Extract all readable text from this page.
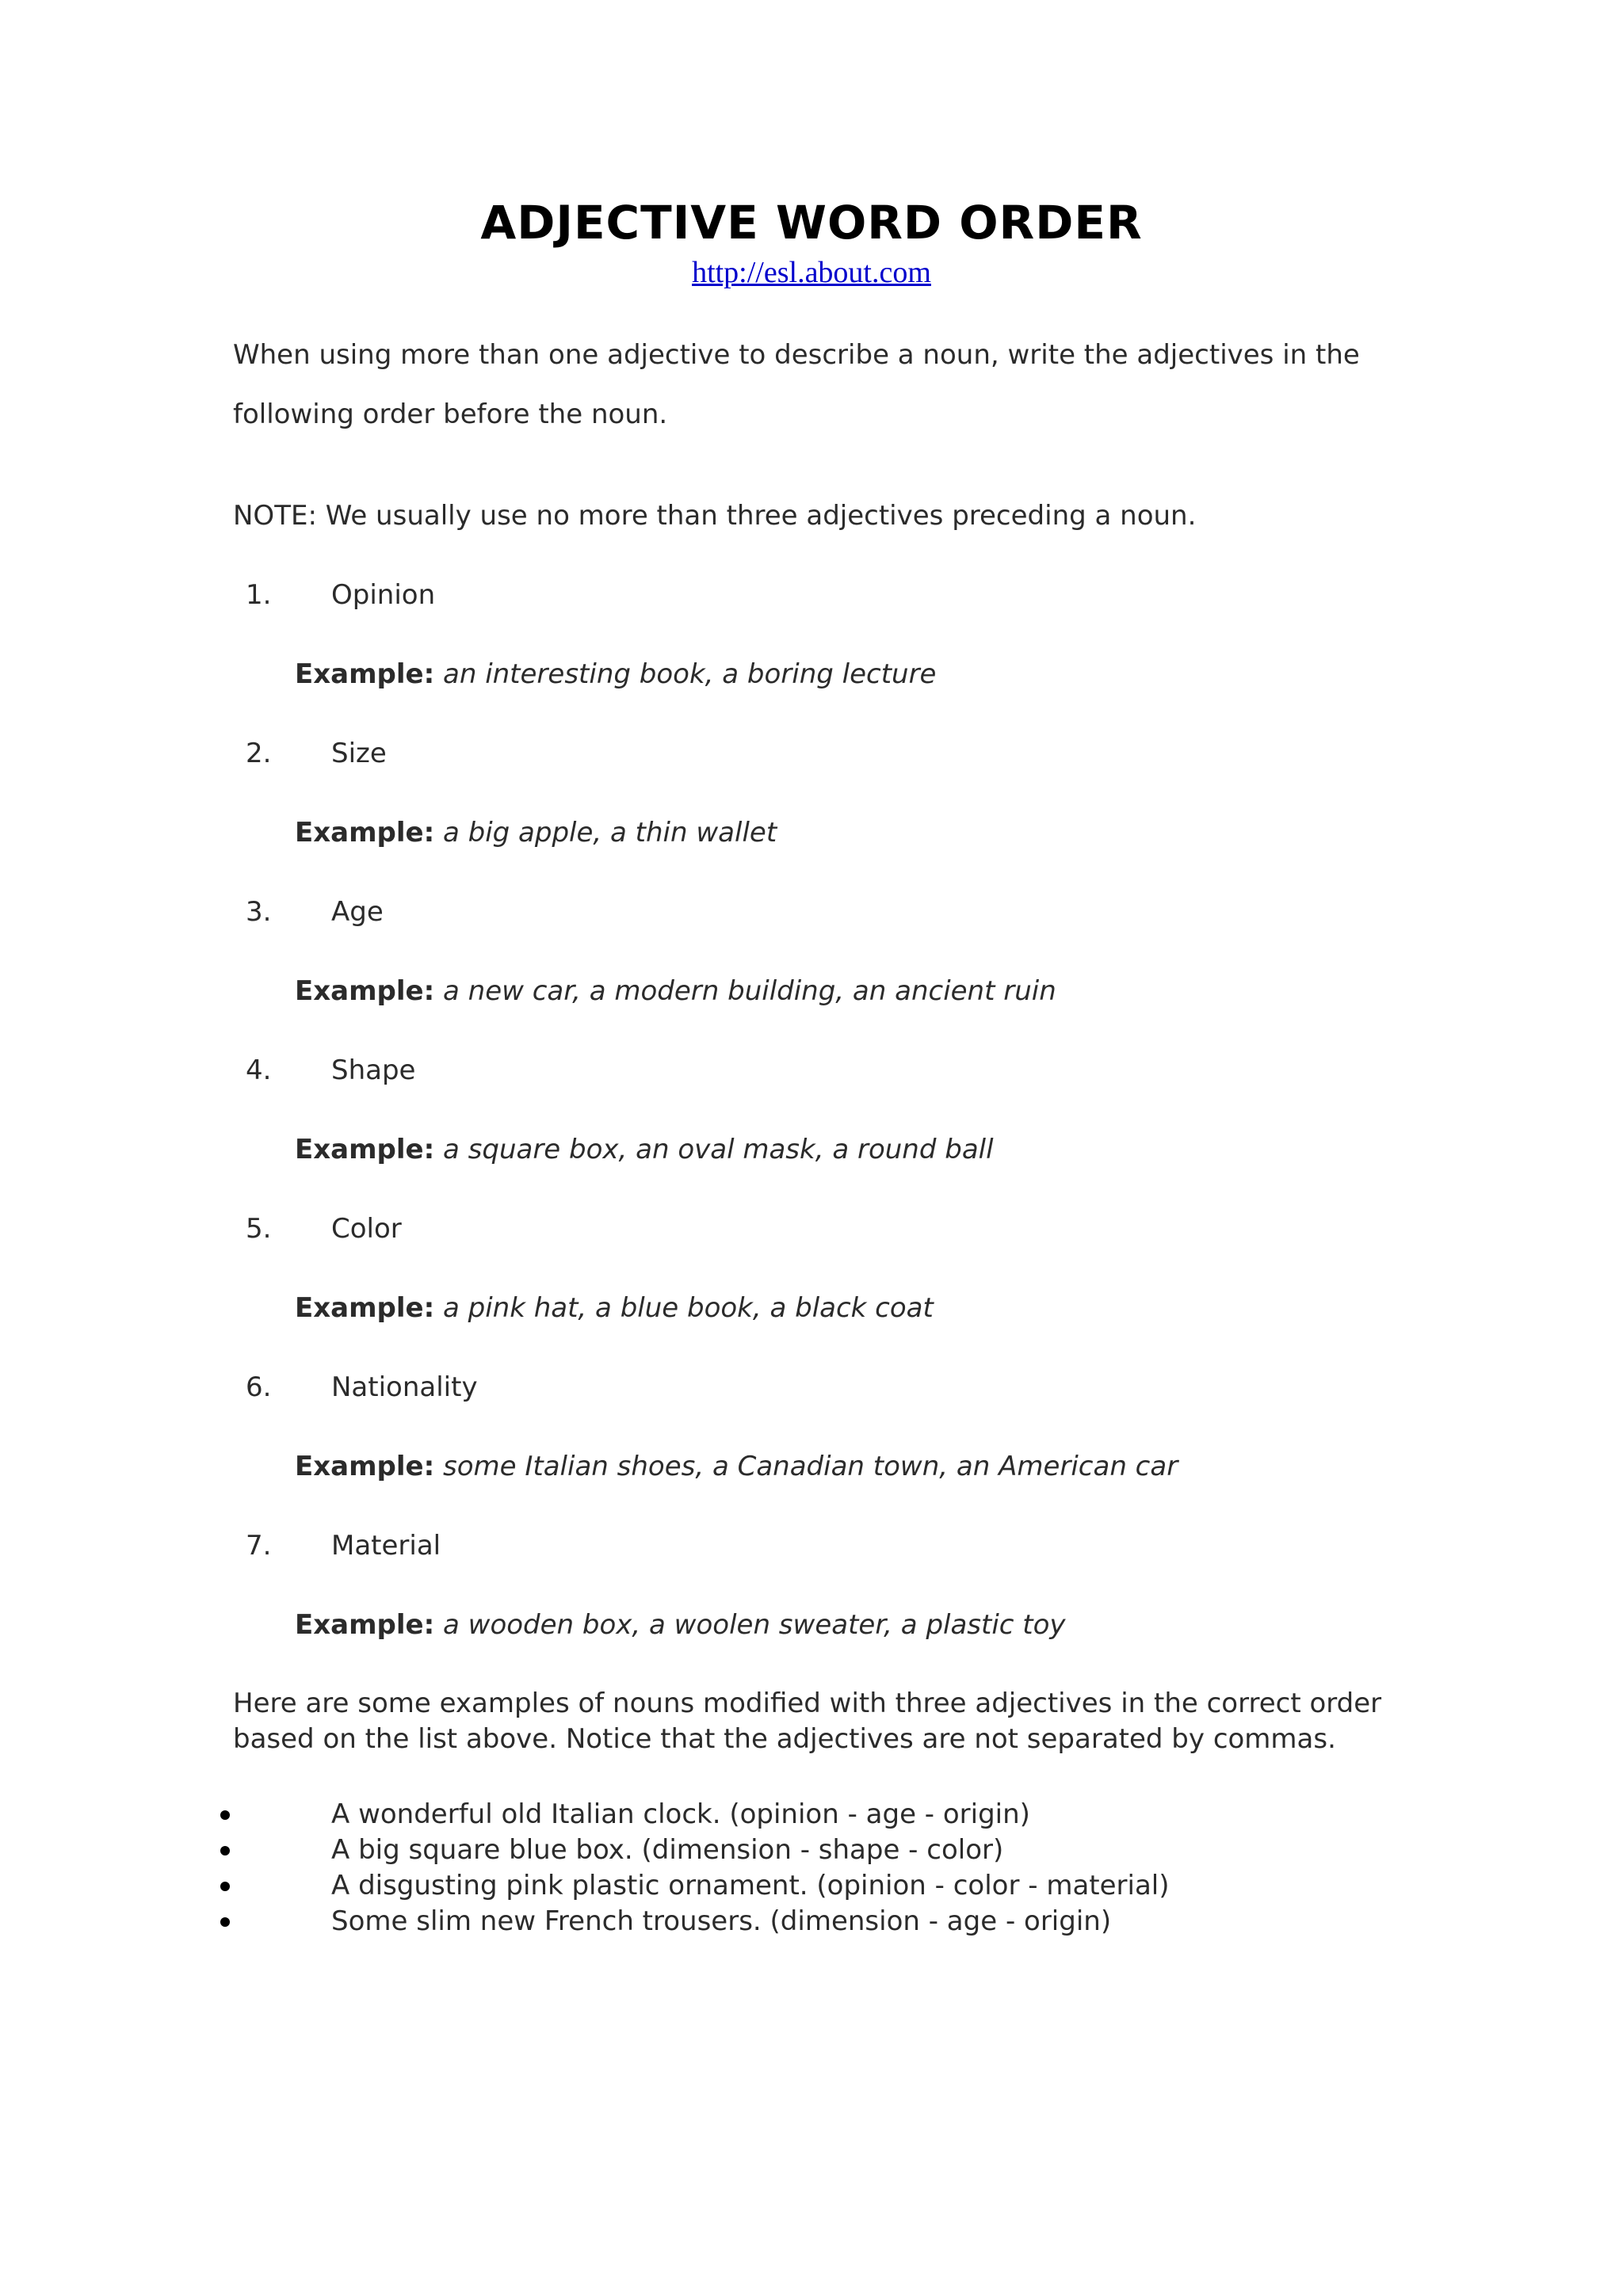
ADJECTIVE WORD ORDER
http://esl.about.com
When using more than one adjective to describe a noun, write the adjectives in the following order before the noun.
NOTE: We usually use no more than three adjectives preceding a noun.
1. Opinion
Example: an interesting book, a boring lecture
2. Size
Example: a big apple, a thin wallet
3. Age
Example: a new car, a modern building, an ancient ruin
4. Shape
Example: a square box, an oval mask, a round ball
5. Color
Example: a pink hat, a blue book, a black coat
6. Nationality
Example: some Italian shoes, a Canadian town, an American car
7. Material
Example: a wooden box, a woolen sweater, a plastic toy
Here are some examples of nouns modified with three adjectives in the correct order based on the list above. Notice that the adjectives are not separated by commas.
A wonderful old Italian clock. (opinion - age - origin)
A big square blue box. (dimension - shape - color)
A disgusting pink plastic ornament. (opinion - color - material)
Some slim new French trousers. (dimension - age - origin)
